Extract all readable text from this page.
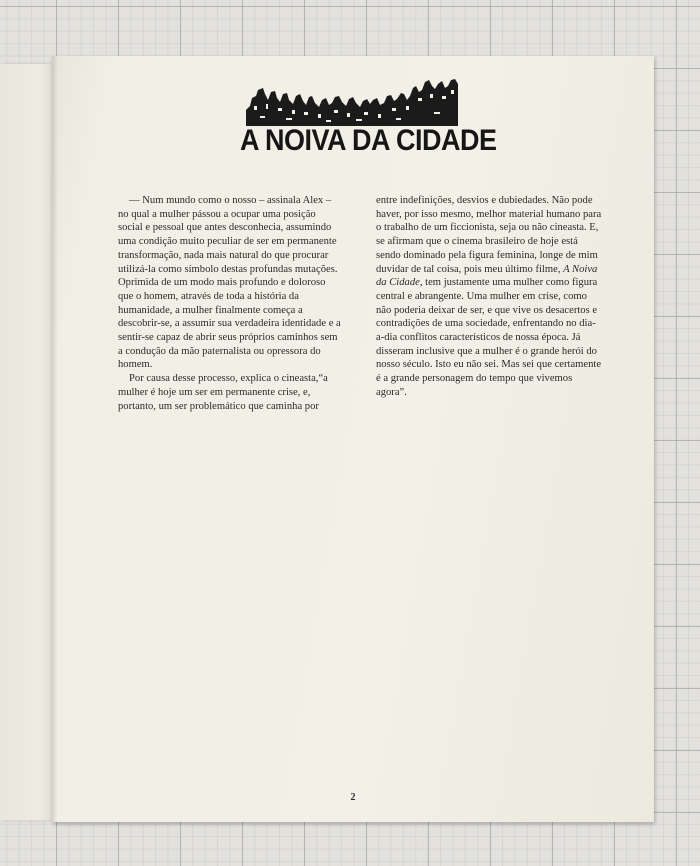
A NOIVA DA CIDADE

— Num mundo como o nosso – assinala Alex – no qual a mulher pássou a ocupar uma posição social e pessoal que antes desconhecia, assumindo uma condição muito peculiar de ser em permanente transformação, nada mais natural do que procurar utilizá-la como símbolo destas profundas mutações. Oprimida de um modo mais profundo e doloroso que o homem, através de toda a história da humanidade, a mulher finalmente começa a descobrir-se, a assumir sua verdadeira identidade e a sentir-se capaz de abrir seus próprios caminhos sem a condução da mão paternalista ou opressora do homem.

Por causa desse processo, explica o cineasta,“a mulher é hoje um ser em permanente crise, e, portanto, um ser problemático que caminha por

entre indefinições, desvios e dubiedades. Não pode haver, por isso mesmo, melhor material humano para o trabalho de um ficcionista, seja ou não cineasta. E, se afirmam que o cinema brasileiro de hoje está sendo dominado pela figura feminina, longe de mim duvidar de tal coisa, pois meu último filme, A Noiva da Cidade, tem justamente uma mulher como figura central e abrangente. Uma mulher em crise, como não poderia deixar de ser, e que vive os desacertos e contradições de uma sociedade, enfrentando no dia-a-dia conflitos característicos de nossa época. Já disseram inclusive que a mulher é o grande herói do nosso século. Isto eu não sei. Mas sei que certamente é a grande personagem do tempo que vivemos agora”.

2
